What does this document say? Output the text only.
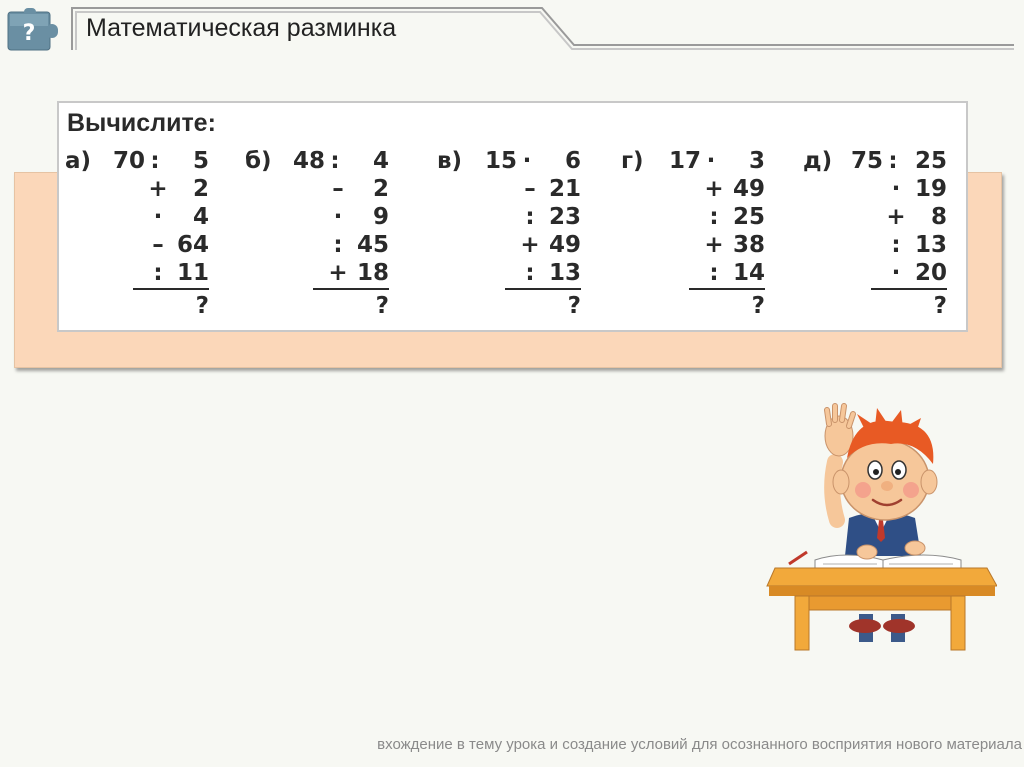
? Математическая разминка
Вычислите:
а) 70 : 5
+ 2
· 4
– 64
: 11
?
б) 48 : 4
– 2
· 9
: 45
+ 18
?
в) 15 · 6
– 21
: 23
+ 49
: 13
?
г) 17 · 3
+ 49
: 25
+ 38
: 14
?
д) 75 : 25
· 19
+ 8
: 13
· 20
?
вхождение в тему урока и создание условий для осознанного восприятия нового материала
